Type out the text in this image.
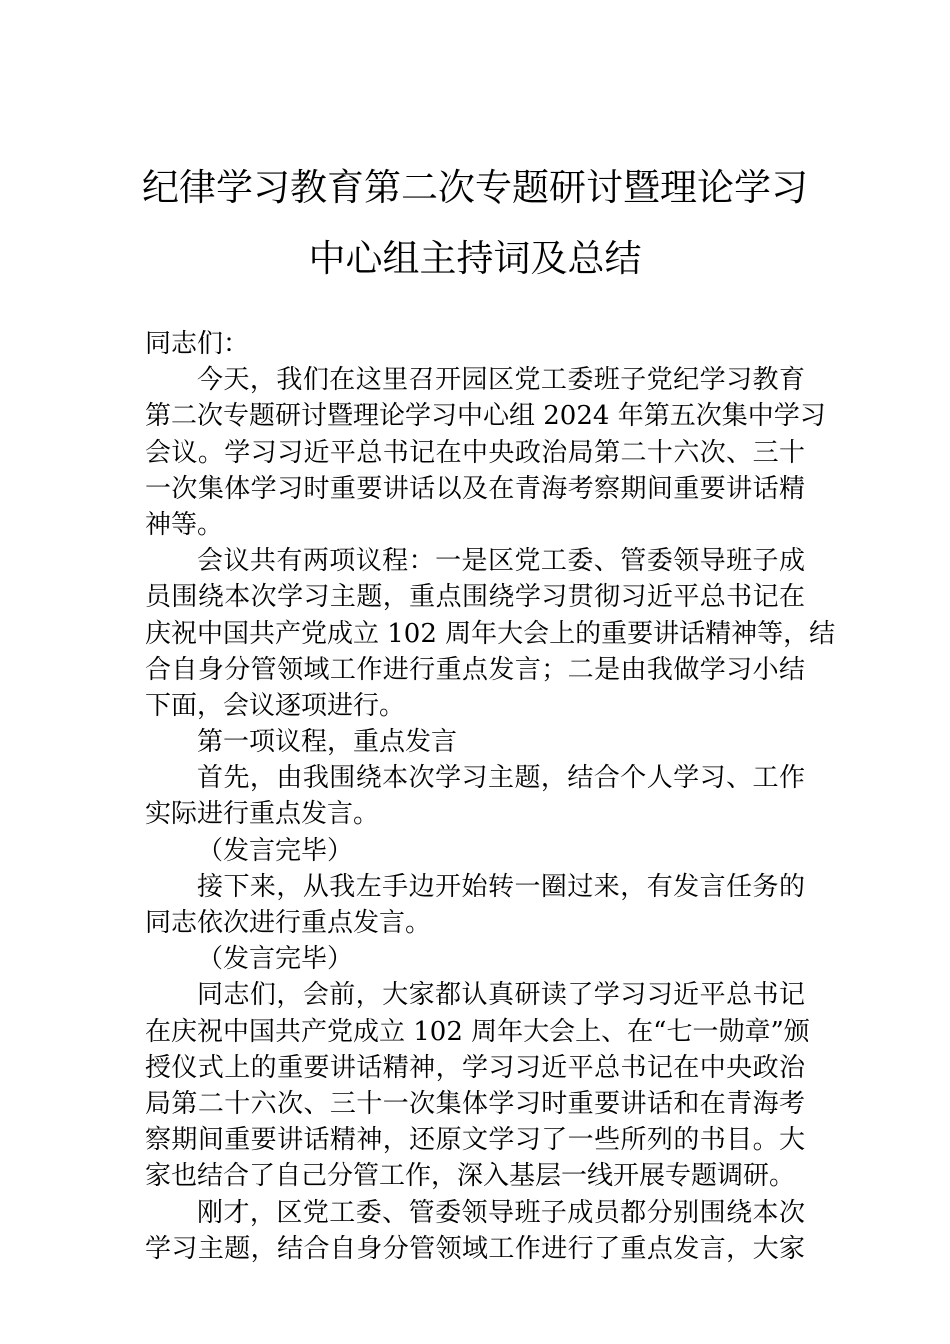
纪律学习教育第二次专题研讨暨理论学习
中心组主持词及总结
同志们：
今天，我们在这里召开园区党工委班子党纪学习教育
第二次专题研讨暨理论学习中心组 2024 年第五次集中学习
会议。学习习近平总书记在中央政治局第二十六次、三十
一次集体学习时重要讲话以及在青海考察期间重要讲话精
神等。
会议共有两项议程：一是区党工委、管委领导班子成
员围绕本次学习主题，重点围绕学习贯彻习近平总书记在
庆祝中国共产党成立 102 周年大会上的重要讲话精神等，结
合自身分管领域工作进行重点发言；二是由我做学习小结
下面，会议逐项进行。
第一项议程，重点发言
首先，由我围绕本次学习主题，结合个人学习、工作
实际进行重点发言。
（发言完毕）
接下来，从我左手边开始转一圈过来，有发言任务的
同志依次进行重点发言。
（发言完毕）
同志们，会前，大家都认真研读了学习习近平总书记
在庆祝中国共产党成立 102 周年大会上、在“七一勋章”颁
授仪式上的重要讲话精神，学习习近平总书记在中央政治
局第二十六次、三十一次集体学习时重要讲话和在青海考
察期间重要讲话精神，还原文学习了一些所列的书目。大
家也结合了自己分管工作，深入基层一线开展专题调研。
刚才，区党工委、管委领导班子成员都分别围绕本次
学习主题，结合自身分管领域工作进行了重点发言，大家
